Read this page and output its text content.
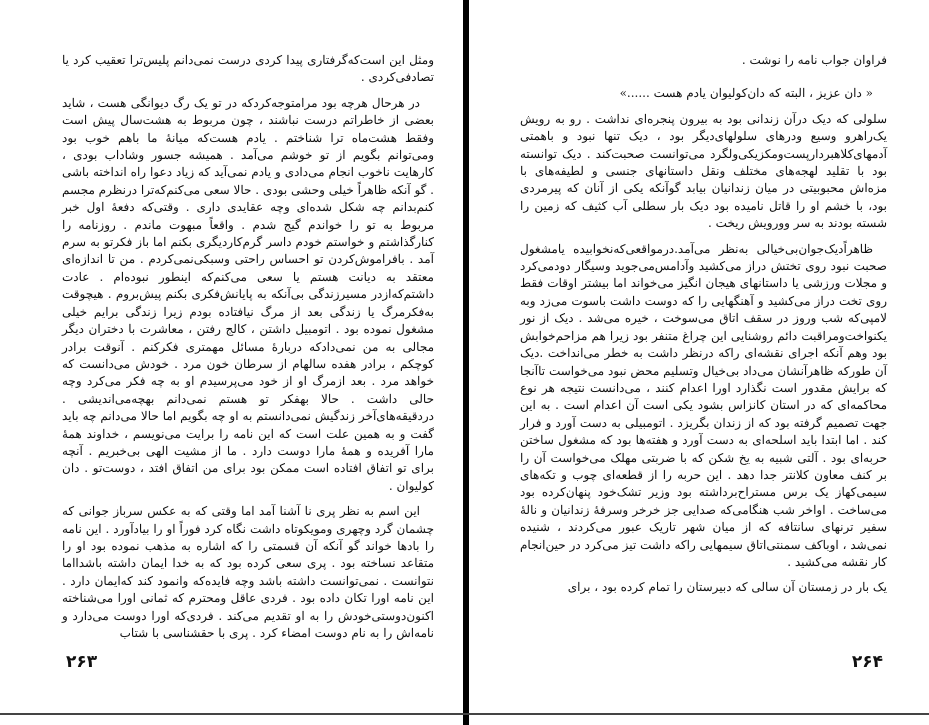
ومثل این است‌که‌گرفتاری پیدا کردی درست نمی‌دانم پلیس‌ترا تعقیب کرد یا تصادفی‌کردی .

در هرحال هرچه بود مرامتوجه‌کردکه در تو یک رگ دیوانگی هست ، شاید بعضی از خاطراتم درست نباشند ، چون مربوط به هشت‌سال پیش است وفقط هشت‌ماه ترا شناختم . یادم هست‌که میانهٔ ما باهم خوب بود ومی‌توانم بگویم از تو خوشم می‌آمد . همیشه جسور وشاداب بودی ، کارهایت ناخوب انجام می‌دادی و یادم نمی‌آید که زیاد دعوا راه انداخته باشی . گو آنکه ظاهراً خیلی وحشی بودی . حالا سعی می‌کنم‌که‌ترا درنظرم مجسم کنم‌بدانم چه شکل شده‌ای وچه عقایدی داری . وقتی‌که دفعهٔ اول خبر مربوط به تو را خواندم گیج شدم . واقعاً مبهوت ماندم . روزنامه را کنارگذاشتم و خواستم خودم داسر گرم‌کاردیگری بکنم اما باز فکرتو به سرم آمد . بافراموش‌کردن تو احساس راحتی وسبکی‌نمی‌کردم . من تا اندازه‌ای معتقد به دیانت هستم یا سعی می‌کنم‌که اینطور نبوده‌ام . عادت داشتم‌که‌ازدر مسیرزندگی بی‌آنکه به پایانش‌فکری بکنم پیش‌بروم . هیچوقت به‌فکرمرگ یا زندگی بعد از مرگ نیافتاده بودم زیرا زندگی برایم خیلی مشغول‌ نموده بود . اتومبیل داشتن ، کالج رفتن ، معاشرت با دختران دیگر مجالی به من نمی‌دادکه دربارهٔ مسائل مهمتری فکرکنم . آنوقت برادر کوچکم ، برادر هفده سالهام از سرطان خون مرد . خودش می‌دانست که خواهد مرد . بعد ازمرگ او از خود می‌پرسیدم او به چه فکر می‌کرد وچه حالی داشت . حالا بهفکر تو هستم نمی‌دانم بهچه‌می‌اندیشی . دردقیقه‌های‌آخر زندگیش نمی‌دانستم به او چه بگویم اما حالا می‌دانم چه باید گفت و به همین علت است که این نامه را برایت می‌نویسم ، خداوند همهٔ مارا آفریده و همهٔ مارا دوست دارد . ما از مشیت الهی بی‌خبریم . آنچه برای تو اتفاق افتاده است ممکن بود برای من اتفاق افتد ، دوست‌تو . دان کولیوان .

این اسم به نظر پری نا آشنا آمد اما وقتی که به عکس سرباز جوانی که چشمان گرد وچهری ومویکوتاه داشت نگاه کرد فوراً او را بیادآورد . این نامه را بادها خواند گو آنکه آن قسمتی را که اشاره به مذهب نموده بود او را متقاعد نساخته بود . پری سعی کرده بود که به خدا ایمان داشته باشدااما نتوانست . نمی‌توانست داشته باشد وچه فایده‌که وانمود کند که‌ایمان دارد . این نامه اورا تکان داده بود . فردی عاقل ومحترم که ثمانی اورا می‌شناخته اکنون‌دوستی‌خودش را به او تقدیم می‌کند . فردی‌که اورا دوست می‌دارد و نامه‌اش را به نام دوست امضاء کرد . پری با حقشناسی با شتاب

۲۶۳

فراوان جواب نامه را نوشت .

« دان عزیز ، البته که دان‌کولیوان یادم هست ......»

سلولی که دیک درآن زندانی بود به بیرون پنجره‌ای نداشت . رو به رویش یک‌راهرو وسیع ودرهای سلولهای‌دیگر بود ، دیک تنها نبود و باهمتی آدمهای‌کلاهبردارپست‌ومکزیکی‌ولگرد می‌توانست صحبت‌کند . دیک توانسته بود با تقلید لهجه‌های مختلف ونقل داستانهای جنسی و لطیفه‌های با مزه‌اش محبوبیتی در میان زندانیان بیابد گوآنکه یکی از آنان که پیرمردی بود، با خشم او را قاتل نامیده بود دیک بار سطلی آب کثیف که زمین را شسته بودند به سر وورویش ریخت .

ظاهراًدیک‌جوان‌بی‌خیالی به‌نظر می‌آمد.درمواقعی‌که‌نخوابیده یامشغول صحبت نبود روی تختش دراز می‌کشید وآدامس‌می‌جوید وسیگار دودمی‌کرد و مجلات ورزشی یا داستانهای هیجان انگیز می‌خواند اما بیشتر اوقات فقط روی تخت دراز می‌کشید و آهنگهایی را که دوست داشت باسوت می‌زد وبه لامپی‌که شب وروز در سقف اتاق می‌سوخت ، خیره می‌شد . دیک از نور یکنواخت‌ومراقبت دائم روشنایی این چراغ متنفر بود زیرا هم مزاحم‌خوابش بود وهم آنکه اجرای نقشه‌ای راکه درنظر داشت به خطر می‌انداخت .دیک آن طورکه ظاهرآنشان می‌داد بی‌خیال وتسلیم محض نبود می‌خواست تاآنجا که برایش مقدور است نگذارد اورا اعدام کنند ، می‌دانست نتیجه هر نوع محاکمه‌ای که در استان کانزاس بشود یکی است آن اعدام است . به این جهت تصمیم گرفته بود که از زندان بگریزد . اتومبیلی به دست آورد و فرار کند . اما ابتدا باید اسلحه‌ای به دست آورد و هفته‌ها بود که مشغول ساختن حربه‌ای بود . آلتی شبیه به یخ شکن که با ضربتی مهلک می‌خواست آن را بر کنف معاون کلانتر جدا دهد . این حربه را از قطعه‌ای چوب و تکه‌های سیمی‌کهاز یک برس مستراح‌برداشته بود وزیر تشک‌خود پنهان‌کرده بود می‌ساخت . اواخر شب هنگامی‌که صدایی جز خرخر وسرفهٔ زندانیان و نالهٔ سفیر ترنهای سانتافه که از میان شهر تاریک عبور می‌کردند ، شنیده نمی‌شد ، اوبا‌کف سمنتی‌اتاق سیمهایی راکه داشت تیز می‌کرد در حین‌انجام کار نقشه می‌کشید .

یک بار در زمستان آن سالی که دبیرستان را تمام کرده بود ، برای

۲۶۴
